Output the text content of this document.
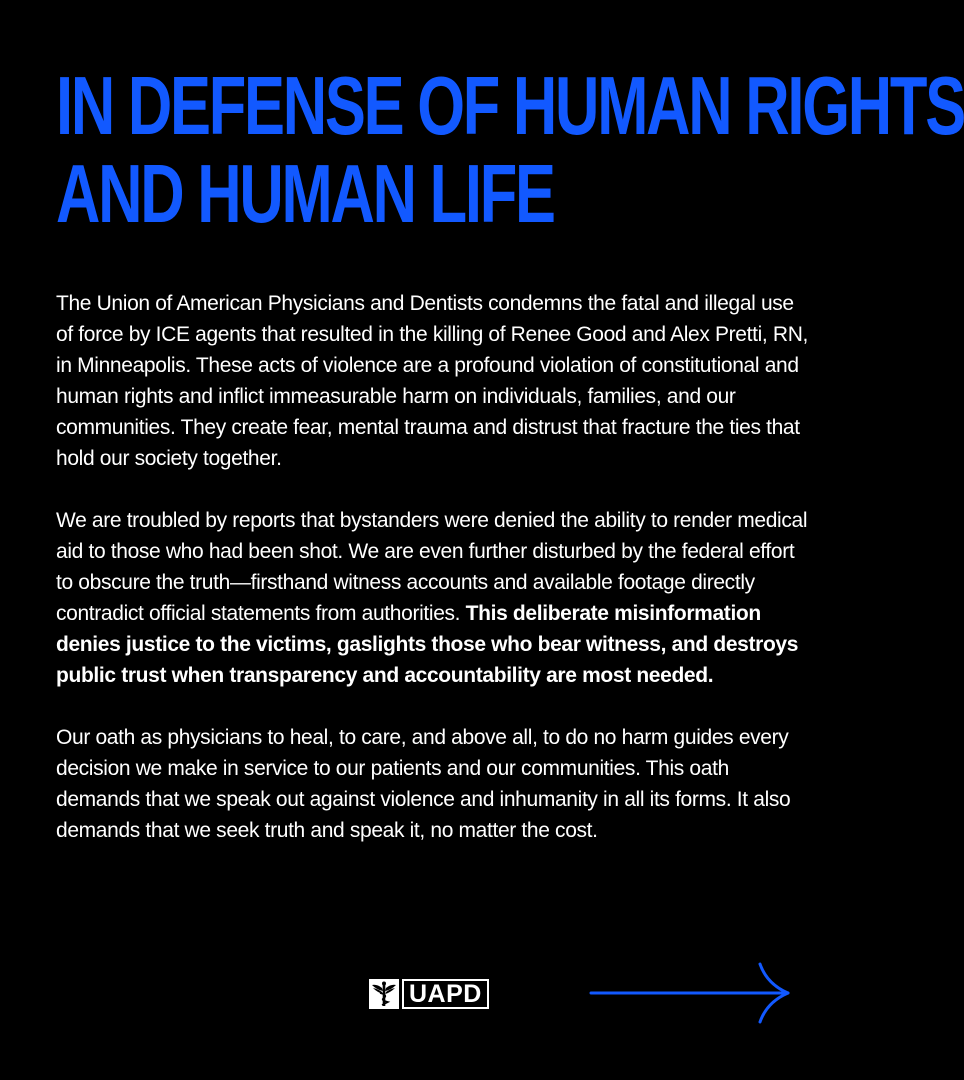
IN DEFENSE OF HUMAN RIGHTS
AND HUMAN LIFE

The Union of American Physicians and Dentists condemns the fatal and illegal use of force by ICE agents that resulted in the killing of Renee Good and Alex Pretti, RN, in Minneapolis. These acts of violence are a profound violation of constitutional and human rights and inflict immeasurable harm on individuals, families, and our communities. They create fear, mental trauma and distrust that fracture the ties that hold our society together.

We are troubled by reports that bystanders were denied the ability to render medical aid to those who had been shot. We are even further disturbed by the federal effort to obscure the truth—firsthand witness accounts and available footage directly contradict official statements from authorities. This deliberate misinformation denies justice to the victims, gaslights those who bear witness, and destroys public trust when transparency and accountability are most needed.

Our oath as physicians to heal, to care, and above all, to do no harm guides every decision we make in service to our patients and our communities. This oath demands that we speak out against violence and inhumanity in all its forms. It also demands that we seek truth and speak it, no matter the cost.

UAPD
